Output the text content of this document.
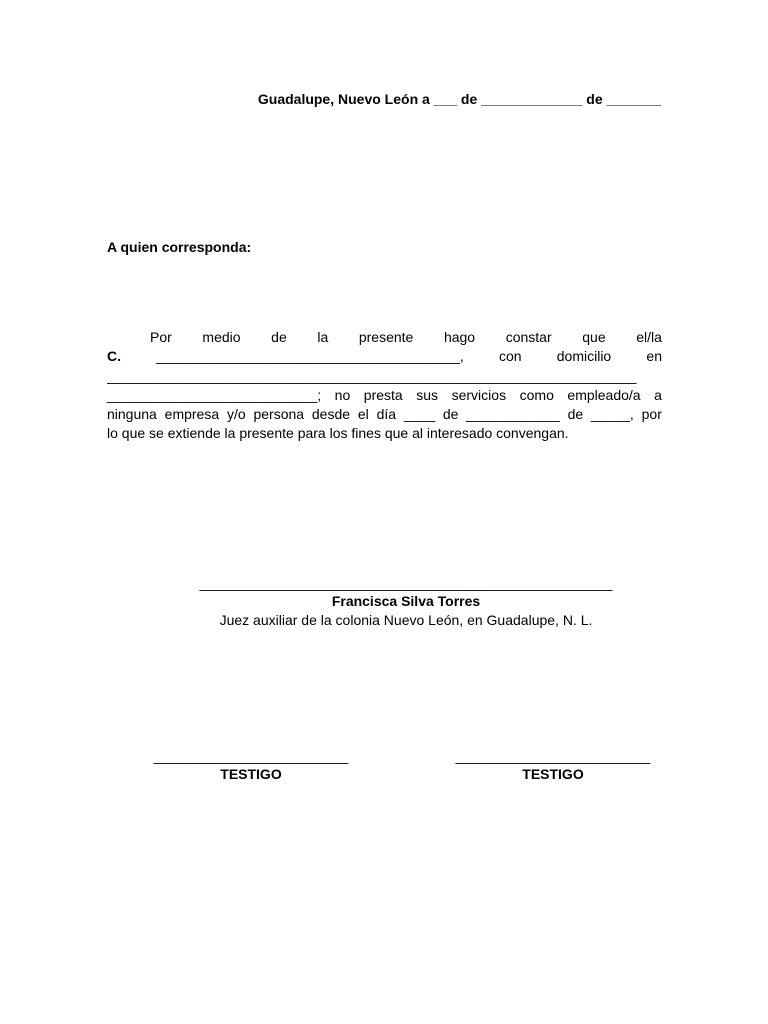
Guadalupe, Nuevo León a ___ de _____________ de _______

A quien corresponda:

Por medio de la presente hago constar que el/la
C.	_______________________________________,	con	domicilio	en
____________________________________________________________________
___________________________; no presta sus servicios como empleado/a a
ninguna empresa y/o persona desde el día ____ de ____________ de _____, por
lo que se extiende la presente para los fines que al interesado convengan.

_____________________________________________________

Francisca Silva Torres

Juez auxiliar de la colonia Nuevo León, en Guadalupe, N. L.

_________________________

TESTIGO

_________________________

TESTIGO
